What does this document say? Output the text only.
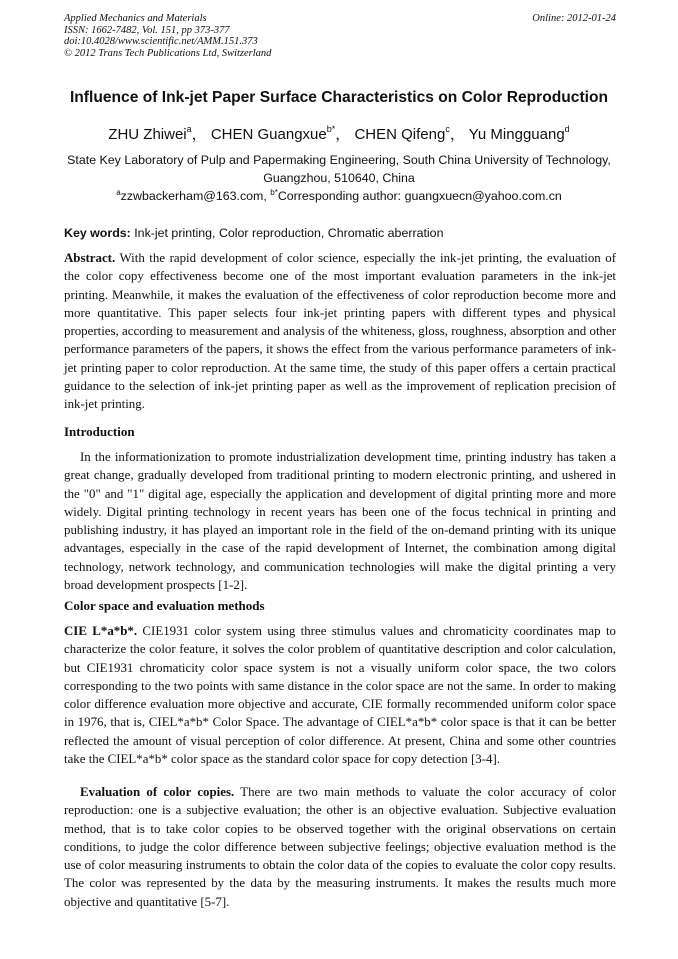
Applied Mechanics and Materials
ISSN: 1662-7482, Vol. 151, pp 373-377
doi:10.4028/www.scientific.net/AMM.151.373
© 2012 Trans Tech Publications Ltd, Switzerland
Online: 2012-01-24
Influence of Ink-jet Paper Surface Characteristics on Color Reproduction
ZHU Zhiwei$^a$， CHEN Guangxue$^{b*}$， CHEN Qifeng$^c$， Yu Mingguang$^d$
State Key Laboratory of Pulp and Papermaking Engineering, South China University of Technology,
Guangzhou, 510640, China
$^a$zzwbackerham@163.com, $^{b*}$Corresponding author: guangxuecn@yahoo.com.cn
Key words: Ink-jet printing, Color reproduction, Chromatic aberration
Abstract. With the rapid development of color science, especially the ink-jet printing, the evaluation of the color copy effectiveness become one of the most important evaluation parameters in the ink-jet printing. Meanwhile, it makes the evaluation of the effectiveness of color reproduction become more and more quantitative. This paper selects four ink-jet printing papers with different types and physical properties, according to measurement and analysis of the whiteness, gloss, roughness, absorption and other performance parameters of the papers, it shows the effect from the various performance parameters of ink-jet printing paper to color reproduction. At the same time, the study of this paper offers a certain practical guidance to the selection of ink-jet printing paper as well as the improvement of replication precision of ink-jet printing.
Introduction
In the informationization to promote industrialization development time, printing industry has taken a great change, gradually developed from traditional printing to modern electronic printing, and ushered in the "0" and "1" digital age, especially the application and development of digital printing more and more widely. Digital printing technology in recent years has been one of the focus technical in printing and publishing industry, it has played an important role in the field of the on-demand printing with its unique advantages, especially in the case of the rapid development of Internet, the combination among digital technology, network technology, and communication technologies will make the digital printing a very broad development prospects [1-2].
Color space and evaluation methods
CIE L*a*b*. CIE1931 color system using three stimulus values and chromaticity coordinates map to characterize the color feature, it solves the color problem of quantitative description and color calculation, but CIE1931 chromaticity color space system is not a visually uniform color space, the two colors corresponding to the two points with same distance in the color space are not the same. In order to making color difference evaluation more objective and accurate, CIE formally recommended uniform color space in 1976, that is, CIEL*a*b* Color Space. The advantage of CIEL*a*b* color space is that it can be better reflected the amount of visual perception of color difference. At present, China and some other countries take the CIEL*a*b* color space as the standard color space for copy detection [3-4].
Evaluation of color copies. There are two main methods to valuate the color accuracy of color reproduction: one is a subjective evaluation; the other is an objective evaluation. Subjective evaluation method, that is to take color copies to be observed together with the original observations on certain conditions, to judge the color difference between subjective feelings; objective evaluation method is the use of color measuring instruments to obtain the color data of the copies to evaluate the color copy results. The color was represented by the data by the measuring instruments. It makes the results much more objective and quantitative [5-7].
